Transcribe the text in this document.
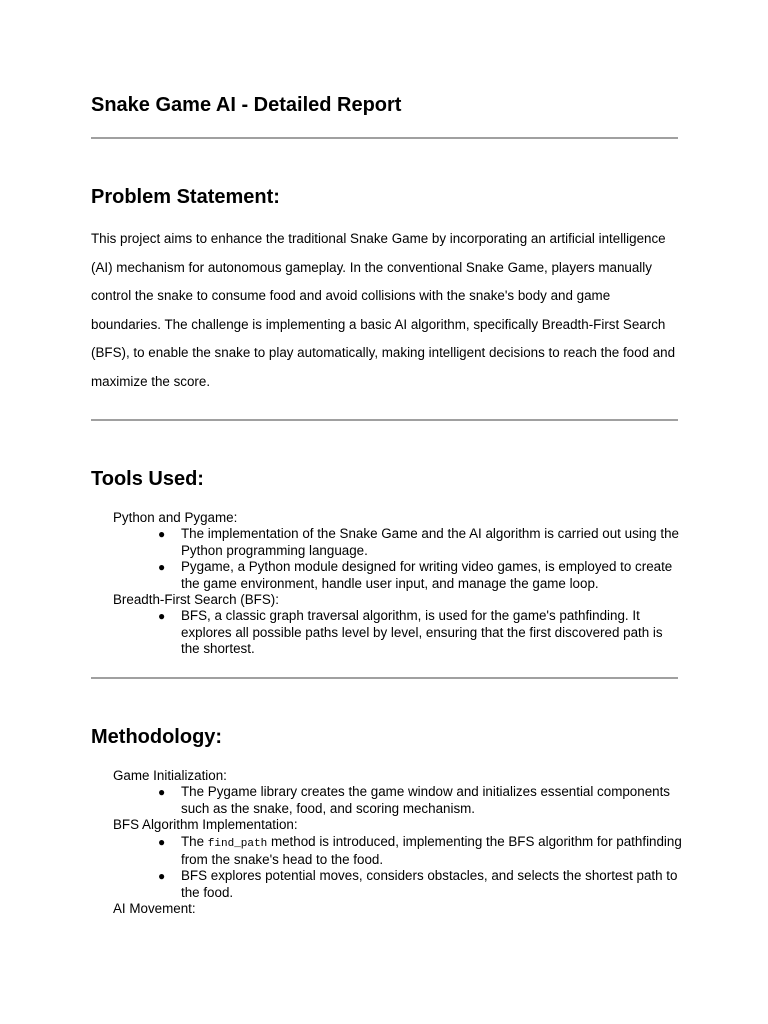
Snake Game AI - Detailed Report
Problem Statement:

This project aims to enhance the traditional Snake Game by incorporating an artificial intelligence (AI) mechanism for autonomous gameplay. In the conventional Snake Game, players manually control the snake to consume food and avoid collisions with the snake's body and game boundaries. The challenge is implementing a basic AI algorithm, specifically Breadth-First Search (BFS), to enable the snake to play automatically, making intelligent decisions to reach the food and maximize the score.

Tools Used:

Python and Pygame:

● The implementation of the Snake Game and the AI algorithm is carried out using the Python programming language.
● Pygame, a Python module designed for writing video games, is employed to create the game environment, handle user input, and manage the game loop.

Breadth-First Search (BFS):

● BFS, a classic graph traversal algorithm, is used for the game's pathfinding. It explores all possible paths level by level, ensuring that the first discovered path is the shortest.
Methodology:

Game Initialization:

● The Pygame library creates the game window and initializes essential components such as the snake, food, and scoring mechanism.

BFS Algorithm Implementation:

● The find_path method is introduced, implementing the BFS algorithm for pathfinding from the snake's head to the food.
● BFS explores potential moves, considers obstacles, and selects the shortest path to the food.

AI Movement:
